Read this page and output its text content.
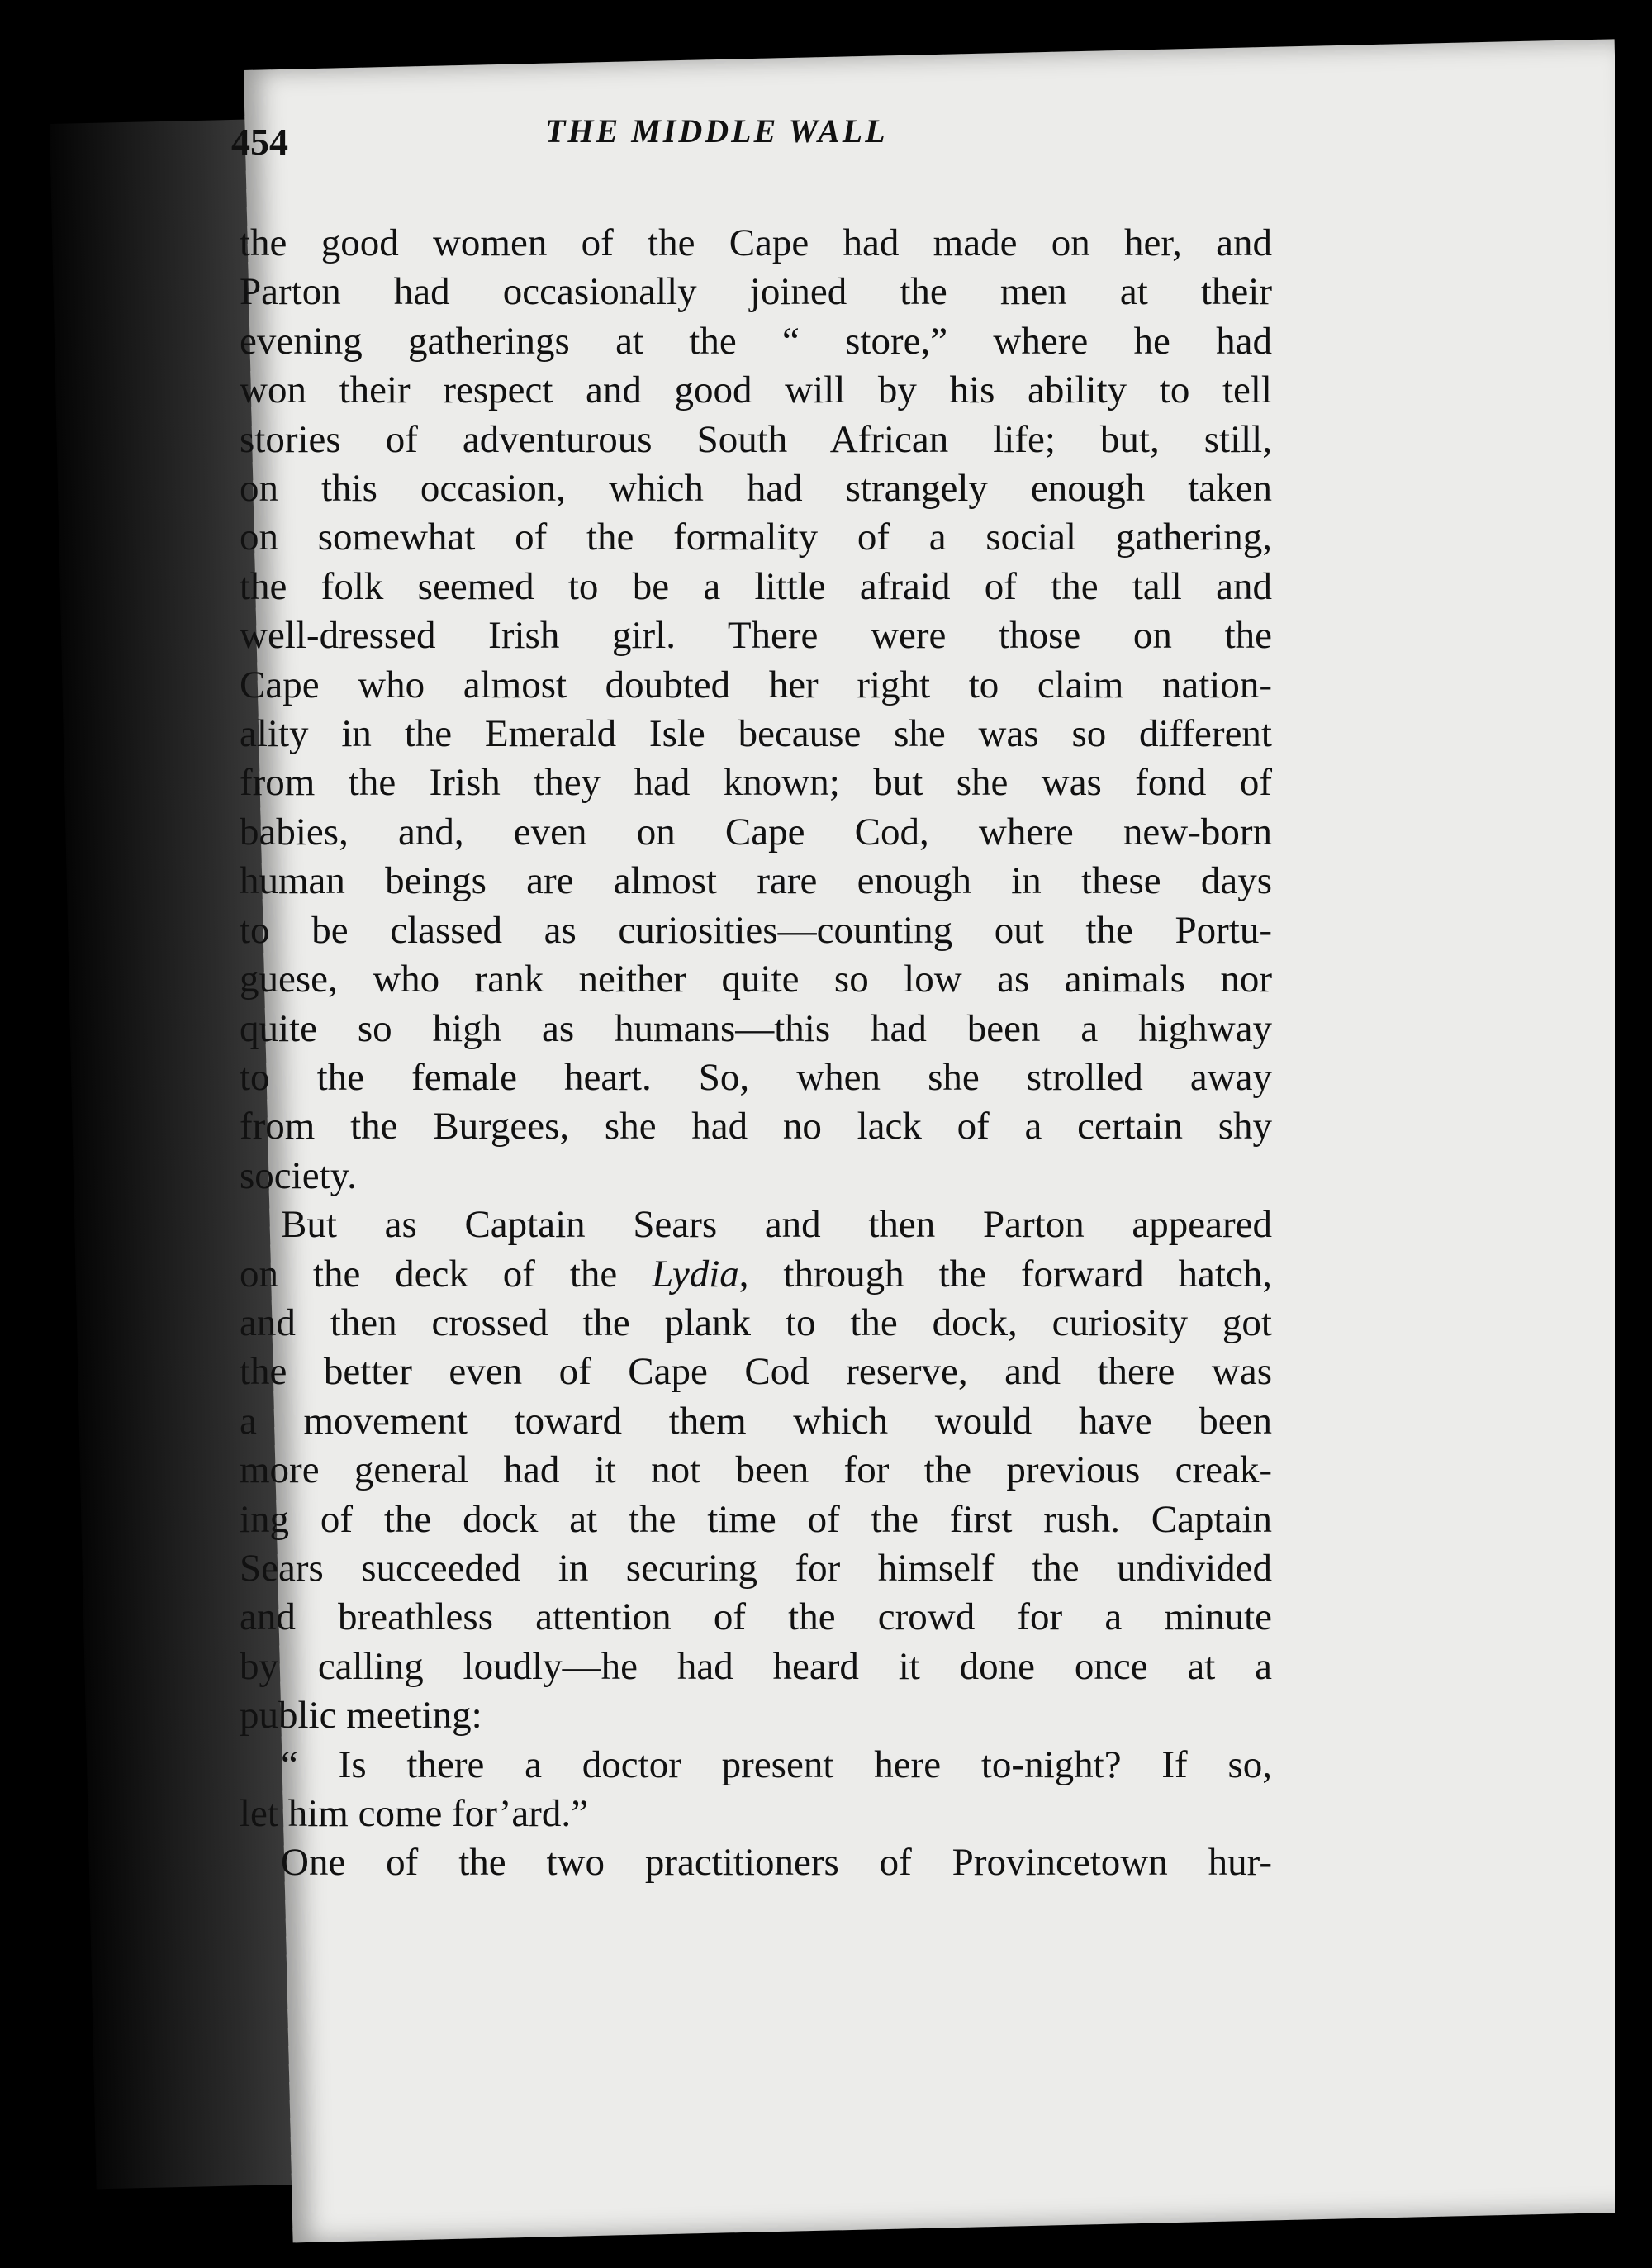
454	THE MIDDLE WALL
the good women of the Cape had made on her, and
Parton had occasionally joined the men at their
evening gatherings at the “ store,” where he had
won their respect and good will by his ability to tell
stories of adventurous South African life; but, still,
on this occasion, which had strangely enough taken
on somewhat of the formality of a social gathering,
the folk seemed to be a little afraid of the tall and
well-dressed Irish girl. There were those on the
Cape who almost doubted her right to claim nation-
ality in the Emerald Isle because she was so different
from the Irish they had known; but she was fond of
babies, and, even on Cape Cod, where new-born
human beings are almost rare enough in these days
to be classed as curiosities—counting out the Portu-
guese, who rank neither quite so low as animals nor
quite so high as humans—this had been a highway
to the female heart. So, when she strolled away
from the Burgees, she had no lack of a certain shy
society.
But as Captain Sears and then Parton appeared
on the deck of the Lydia, through the forward hatch,
and then crossed the plank to the dock, curiosity got
the better even of Cape Cod reserve, and there was
a movement toward them which would have been
more general had it not been for the previous creak-
ing of the dock at the time of the first rush. Captain
Sears succeeded in securing for himself the undivided
and breathless attention of the crowd for a minute
by calling loudly—he had heard it done once at a
public meeting:
“ Is there a doctor present here to-night? If so,
let him come for’ard.”
One of the two practitioners of Provincetown hur-
